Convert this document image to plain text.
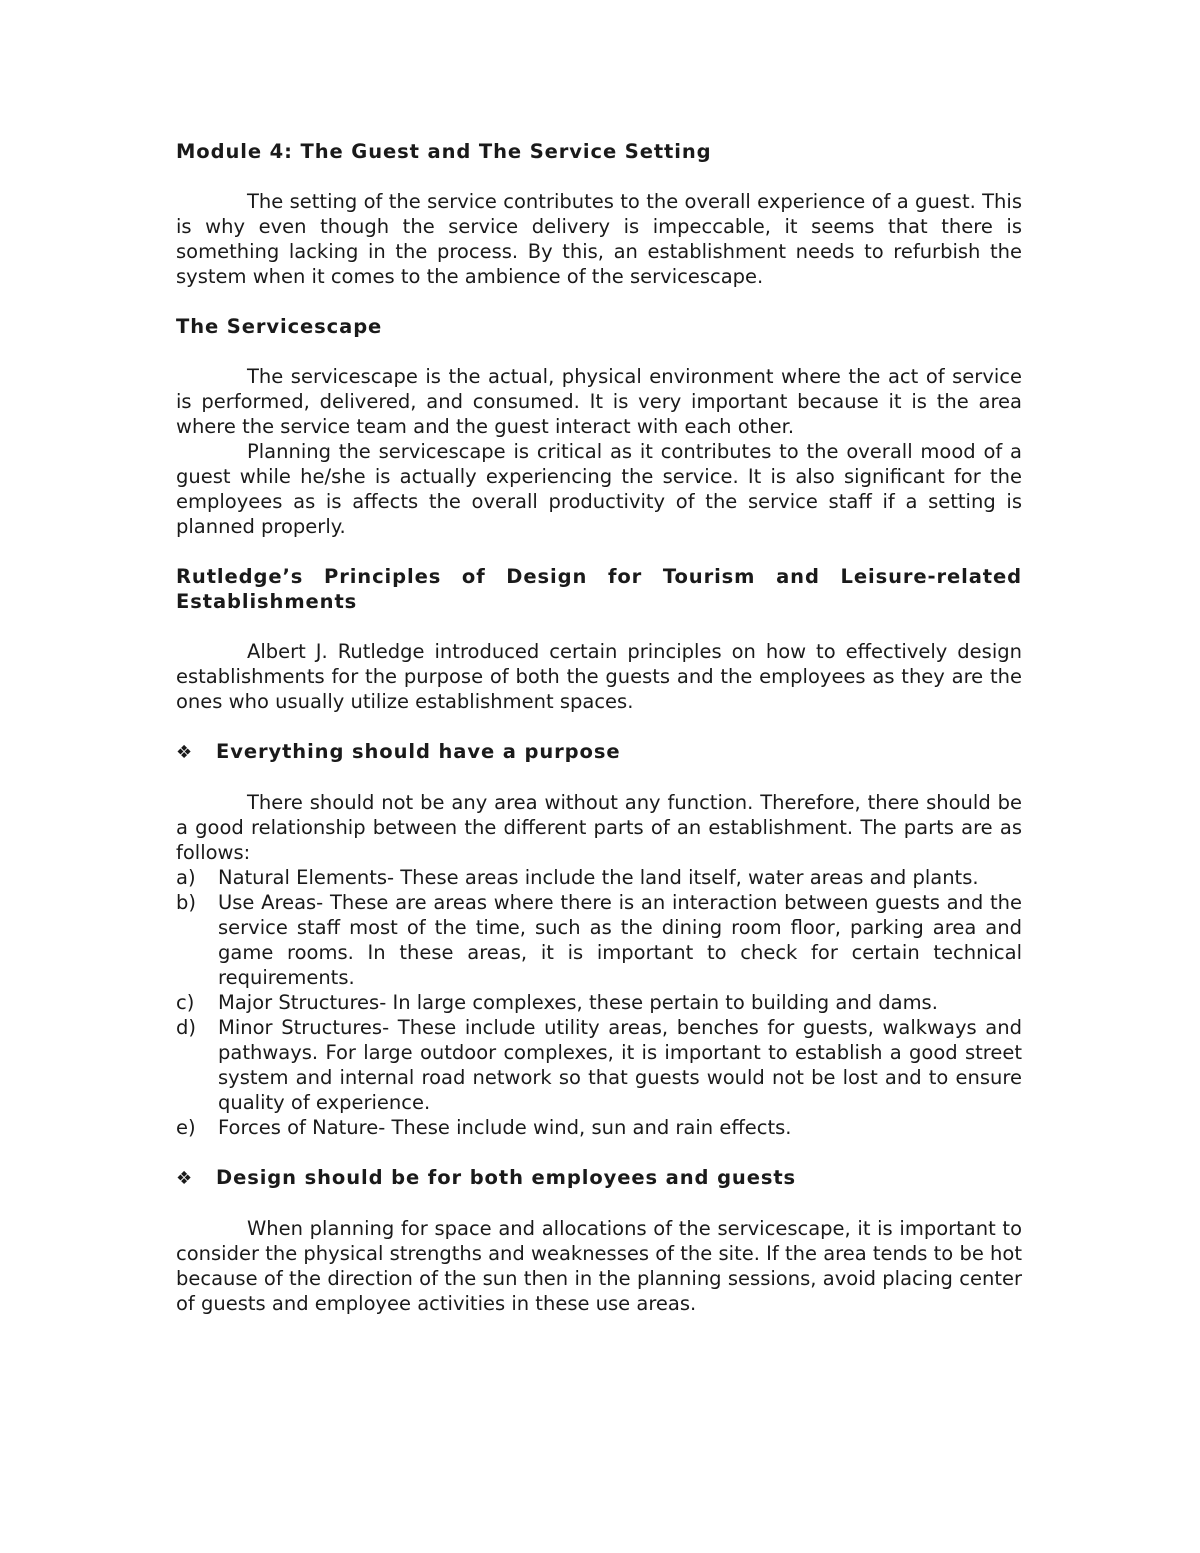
Module 4: The Guest and The Service Setting

The setting of the service contributes to the overall experience of a guest. This is why even though the service delivery is impeccable, it seems that there is something lacking in the process. By this, an establishment needs to refurbish the system when it comes to the ambience of the servicescape.

The Servicescape

The servicescape is the actual, physical environment where the act of service is performed, delivered, and consumed. It is very important because it is the area where the service team and the guest interact with each other.

Planning the servicescape is critical as it contributes to the overall mood of a guest while he/she is actually experiencing the service. It is also significant for the employees as is affects the overall productivity of the service staff if a setting is planned properly.

Rutledge’s Principles of Design for Tourism and Leisure-related Establishments

Albert J. Rutledge introduced certain principles on how to effectively design establishments for the purpose of both the guests and the employees as they are the ones who usually utilize establishment spaces.

❖	Everything should have a purpose

There should not be any area without any function. Therefore, there should be a good relationship between the different parts of an establishment. The parts are as follows:

a)	Natural Elements- These areas include the land itself, water areas and plants.
b)	Use Areas- These are areas where there is an interaction between guests and the service staff most of the time, such as the dining room floor, parking area and game rooms. In these areas, it is important to check for certain technical requirements.
c)	Major Structures- In large complexes, these pertain to building and dams.
d)	Minor Structures- These include utility areas, benches for guests, walkways and pathways. For large outdoor complexes, it is important to establish a good street system and internal road network so that guests would not be lost and to ensure quality of experience.
e)	Forces of Nature- These include wind, sun and rain effects.
❖	Design should be for both employees and guests

When planning for space and allocations of the servicescape, it is important to consider the physical strengths and weaknesses of the site. If the area tends to be hot because of the direction of the sun then in the planning sessions, avoid placing center of guests and employee activities in these use areas.
